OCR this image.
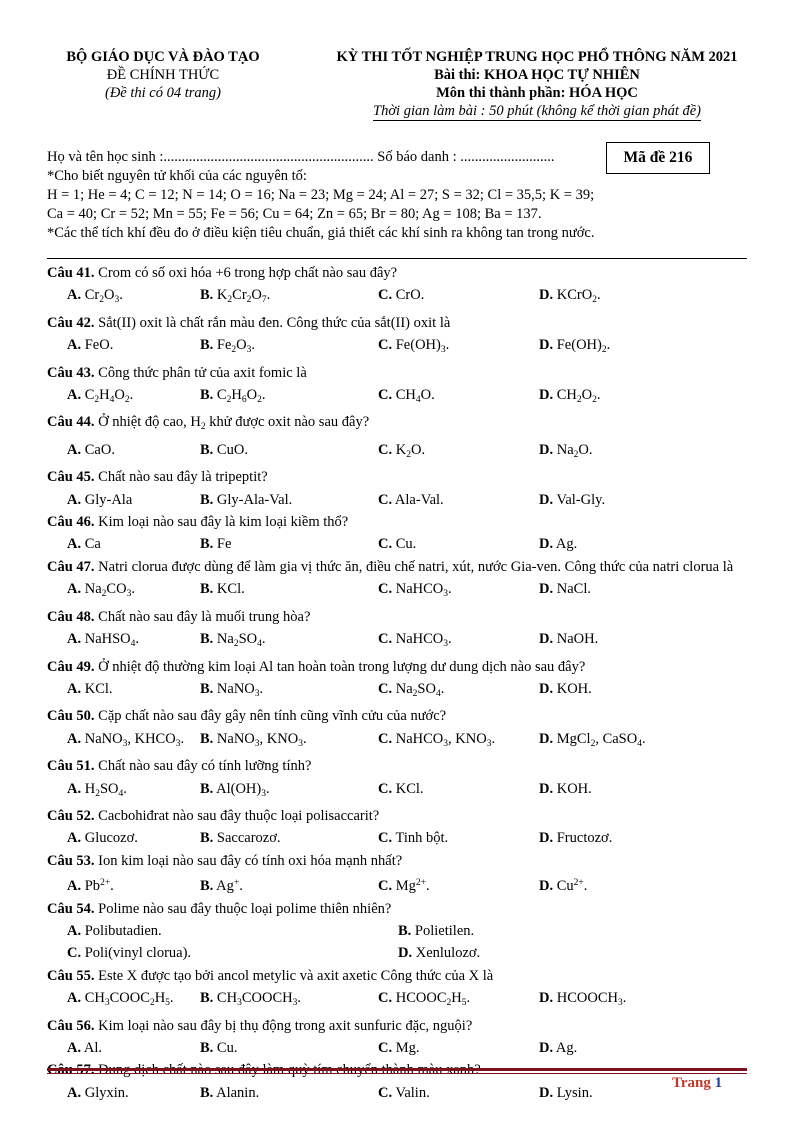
BỘ GIÁO DỤC VÀ ĐÀO TẠO
ĐỀ CHÍNH THỨC
(Đề thi có 04 trang)
KỲ THI TỐT NGHIỆP TRUNG HỌC PHỔ THÔNG NĂM 2021
Bài thi: KHOA HỌC TỰ NHIÊN
Môn thi thành phần: HÓA HỌC
Thời gian làm bài : 50 phút (không kể thời gian phát đề)
Mã đề 216
Họ và tên học sinh :.......................................................... Số báo danh : ..........................
*Cho biết nguyên tử khối của các nguyên tố:
H = 1; He = 4; C = 12; N = 14; O = 16; Na = 23; Mg = 24; Al = 27; S = 32; Cl = 35,5; K = 39;
Ca = 40; Cr = 52; Mn = 55; Fe = 56; Cu = 64; Zn = 65; Br = 80; Ag = 108; Ba = 137.
*Các thể tích khí đều đo ở điều kiện tiêu chuẩn, giả thiết các khí sinh ra không tan trong nước.

Câu 41. Crom có số oxi hóa +6 trong hợp chất nào sau đây?

A. $Cr_2O_3$.	B. $K_2Cr_2O_7$.	C. CrO.	D. KCrO$_2$.

Câu 42. Sắt(II) oxit là chất rắn màu đen. Công thức của sắt(II) oxit là

A. FeO.	B. $Fe_2O_3$.	C. $Fe(OH)_3$.	D. $Fe(OH)_2$.

Câu 43. Công thức phân tử của axit fomic là

A. $C_2H_4O_2$.	B. $C_2H_6O_2$.	C. $CH_4O$.	D. $CH_2O_2$.

Câu 44. Ở nhiệt độ cao, $H_2$ khử được oxit nào sau đây?

A. CaO.	B. CuO.	C. $K_2O$.	D. $Na_2O$.

Câu 45. Chất nào sau đây là tripeptit?

A. Gly-Ala	B. Gly-Ala-Val.	C. Ala-Val.	D. Val-Gly.

Câu 46. Kim loại nào sau đây là kim loại kiềm thổ?

A. Ca	B. Fe	C. Cu.	D. Ag.

Câu 47. Natri clorua được dùng để làm gia vị thức ăn, điều chế natri, xút, nước Gia-ven. Công thức của natri clorua là

A. $Na_2CO_3$.	B. KCl.	C. NaHCO$_3$.	D. NaCl.

Câu 48. Chất nào sau đây là muối trung hòa?

A. NaHSO$_4$.	B. $Na_2SO_4$.	C. NaHCO$_3$.	D. NaOH.

Câu 49. Ở nhiệt độ thường kim loại Al tan hoàn toàn trong lượng dư dung dịch nào sau đây?

A. KCl.	B. NaNO$_3$.	C. $Na_2SO_4$.	D. KOH.

Câu 50. Cặp chất nào sau đây gây nên tính cũng vĩnh cửu của nước?

A. NaNO$_3$, $KHCO_3$.	B. NaNO$_3$, $KNO_3$.	C. NaHCO$_3$, $KNO_3$.	D. MgCl$_2$, CaSO$_4$.

Câu 51. Chất nào sau đây có tính lưỡng tính?

A. $H_2SO_4$.	B. $Al(OH)_3$.	C. KCl.	D. KOH.

Câu 52. Cacbohiđrat nào sau đây thuộc loại polisaccarit?

A. Glucozơ.	B. Saccarozơ.	C. Tinh bột.	D. Fructozơ.

Câu 53. Ion kim loại nào sau đây có tính oxi hóa mạnh nhất?

A. $Pb^{2+}$.	B. Ag+.	C. $Mg^{2+}$.	D. $Cu^{2+}$.

Câu 54. Polime nào sau đây thuộc loại polime thiên nhiên?

A. Polibutadien.	B. Polietilen.
C. Poli(vinyl clorua).	D. Xenlulozơ.

Câu 55. Este X được tạo bởi ancol metylic và axit axetic Công thức của X là

A. $CH_3COOC_2H_5$.	B. $CH_3COOCH_3$.	C. $HCOOC_2H_5$.	D. $HCOOCH_3$.

Câu 56. Kim loại nào sau đây bị thụ động trong axit sunfuric đặc, nguội?

A. Al.	B. Cu.	C. Mg.	D. Ag.

Câu 57. Dung dịch chất nào sau đây làm quỳ tím chuyển thành màu xanh?

A. Glyxin.	B. Alanin.	C. Valin.	D. Lysin.
Trang 1
